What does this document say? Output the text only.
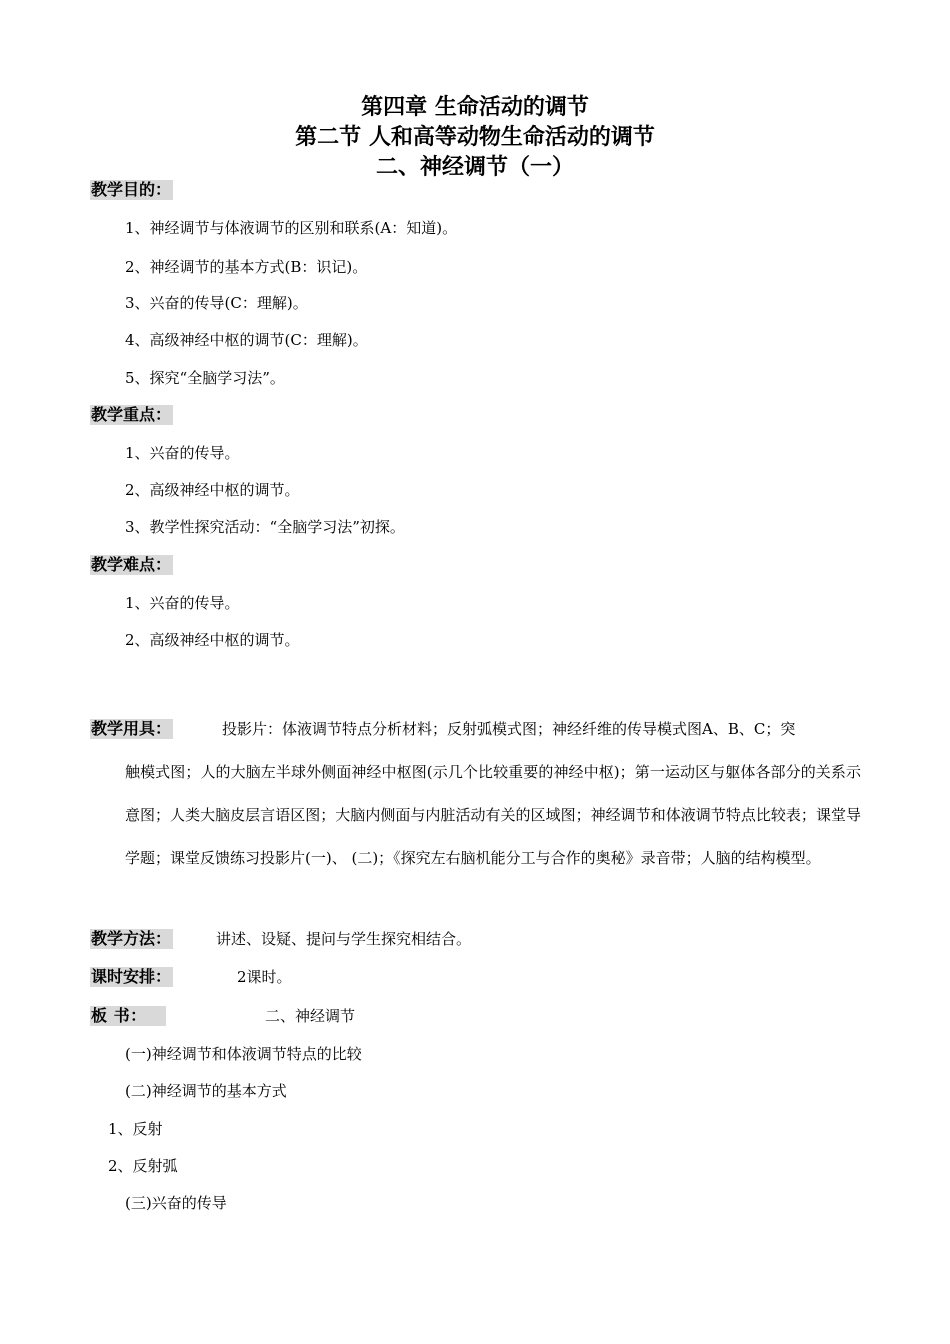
第四章 生命活动的调节
第二节 人和高等动物生命活动的调节
二、神经调节（一）
教学目的：
1、神经调节与体液调节的区别和联系(A：知道)。
2、神经调节的基本方式(B：识记)。
3、兴奋的传导(C：理解)。
4、高级神经中枢的调节(C：理解)。
5、探究“全脑学习法”。
教学重点：
1、兴奋的传导。
2、高级神经中枢的调节。
3、教学性探究活动：“全脑学习法”初探。
教学难点：
1、兴奋的传导。
2、高级神经中枢的调节。
教学用具：	投影片：体液调节特点分析材料；反射弧模式图；神经纤维的传导模式图A、B、C；突
触模式图；人的大脑左半球外侧面神经中枢图(示几个比较重要的神经中枢)；第一运动区与躯体各部分的关系示意图；人类大脑皮层言语区图；大脑内侧面与内脏活动有关的区域图；神经调节和体液调节特点比较表；课堂导学题；课堂反馈练习投影片(一)、 (二)；《探究左右脑机能分工与合作的奥秘》录音带；人脑的结构模型。
教学方法：	讲述、设疑、提问与学生探究相结合。
课时安排：	2课时。
板 书：	二、神经调节
(一)神经调节和体液调节特点的比较
(二)神经调节的基本方式
1、反射
2、反射弧
(三)兴奋的传导
